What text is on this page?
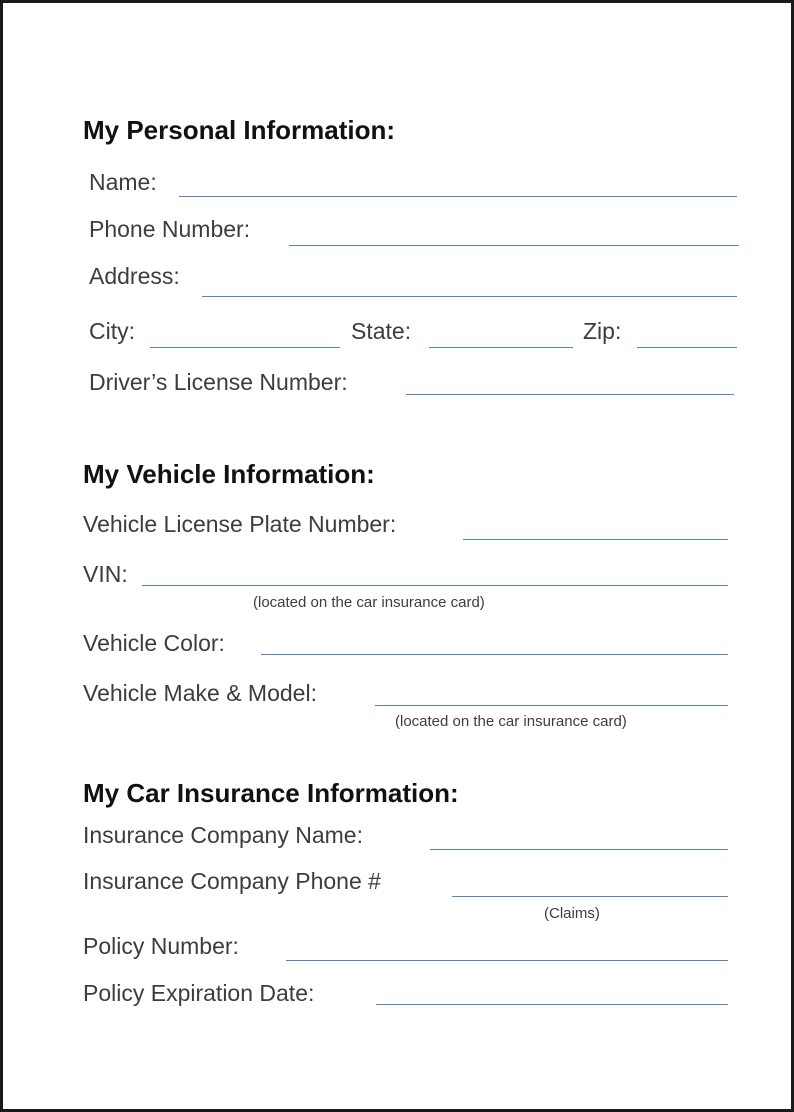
My Personal Information:
Name:
Phone Number:
Address:
City:	State:	Zip:
Driver’s License Number:
My Vehicle Information:
Vehicle License Plate Number:
VIN:
(located on the car insurance card)
Vehicle Color:
Vehicle Make & Model:
(located on the car insurance card)
My Car Insurance Information:
Insurance Company Name:
Insurance Company Phone #
(Claims)
Policy Number:
Policy Expiration Date:
